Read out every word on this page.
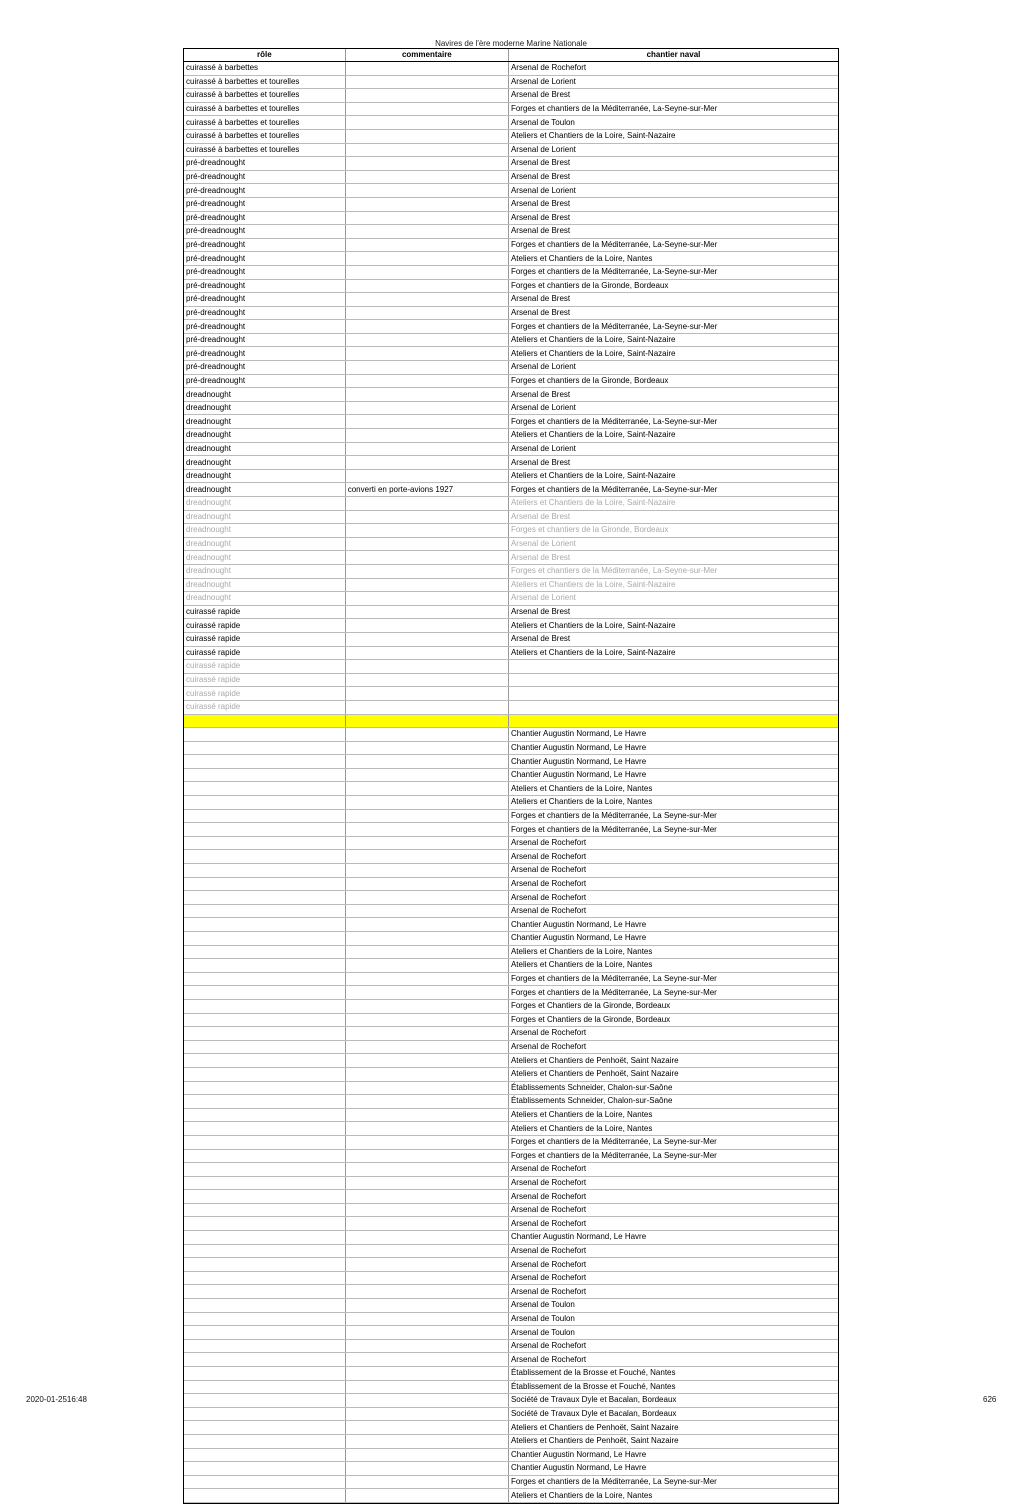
Navires de l'ère moderne Marine Nationale
rôle	commentaire	chantier naval
cuirassé à barbettes		Arsenal de Rochefort
cuirassé à barbettes et tourelles		Arsenal de Lorient
cuirassé à barbettes et tourelles		Arsenal de Brest
cuirassé à barbettes et tourelles		Forges et chantiers de la Méditerranée, La-Seyne-sur-Mer
cuirassé à barbettes et tourelles		Arsenal de Toulon
cuirassé à barbettes et tourelles		Ateliers et Chantiers de la Loire, Saint-Nazaire
cuirassé à barbettes et tourelles		Arsenal de Lorient
pré-dreadnought		Arsenal de Brest
pré-dreadnought		Arsenal de Brest
pré-dreadnought		Arsenal de Lorient
pré-dreadnought		Arsenal de Brest
pré-dreadnought		Arsenal de Brest
pré-dreadnought		Arsenal de Brest
pré-dreadnought		Forges et chantiers de la Méditerranée, La-Seyne-sur-Mer
pré-dreadnought		Ateliers et Chantiers de la Loire, Nantes
pré-dreadnought		Forges et chantiers de la Méditerranée, La-Seyne-sur-Mer
pré-dreadnought		Forges et chantiers de la Gironde, Bordeaux
pré-dreadnought		Arsenal de Brest
pré-dreadnought		Arsenal de Brest
pré-dreadnought		Forges et chantiers de la Méditerranée, La-Seyne-sur-Mer
pré-dreadnought		Ateliers et Chantiers de la Loire, Saint-Nazaire
pré-dreadnought		Ateliers et Chantiers de la Loire, Saint-Nazaire
pré-dreadnought		Arsenal de Lorient
pré-dreadnought		Forges et chantiers de la Gironde, Bordeaux
dreadnought		Arsenal de Brest
dreadnought		Arsenal de Lorient
dreadnought		Forges et chantiers de la Méditerranée, La-Seyne-sur-Mer
dreadnought		Ateliers et Chantiers de la Loire, Saint-Nazaire
dreadnought		Arsenal de Lorient
dreadnought		Arsenal de Brest
dreadnought		Ateliers et Chantiers de la Loire, Saint-Nazaire
dreadnought	converti en porte-avions 1927	Forges et chantiers de la Méditerranée, La-Seyne-sur-Mer
dreadnought		Ateliers et Chantiers de la Loire, Saint-Nazaire
dreadnought		Arsenal de Brest
dreadnought		Forges et chantiers de la Gironde, Bordeaux
dreadnought		Arsenal de Lorient
dreadnought		Arsenal de Brest
dreadnought		Forges et chantiers de la Méditerranée, La-Seyne-sur-Mer
dreadnought		Ateliers et Chantiers de la Loire, Saint-Nazaire
dreadnought		Arsenal de Lorient
cuirassé rapide		Arsenal de Brest
cuirassé rapide		Ateliers et Chantiers de la Loire, Saint-Nazaire
cuirassé rapide		Arsenal de Brest
cuirassé rapide		Ateliers et Chantiers de la Loire, Saint-Nazaire
cuirassé rapide		
cuirassé rapide		
cuirassé rapide		
cuirassé rapide		

		Chantier Augustin Normand, Le Havre
		Chantier Augustin Normand, Le Havre
		Chantier Augustin Normand, Le Havre
		Chantier Augustin Normand, Le Havre
		Ateliers et Chantiers de la Loire, Nantes
		Ateliers et Chantiers de la Loire, Nantes
		Forges et chantiers de la Méditerranée, La Seyne-sur-Mer
		Forges et chantiers de la Méditerranée, La Seyne-sur-Mer
		Arsenal de Rochefort
		Arsenal de Rochefort
		Arsenal de Rochefort
		Arsenal de Rochefort
		Arsenal de Rochefort
		Arsenal de Rochefort
		Chantier Augustin Normand, Le Havre
		Chantier Augustin Normand, Le Havre
		Ateliers et Chantiers de la Loire, Nantes
		Ateliers et Chantiers de la Loire, Nantes
		Forges et chantiers de la Méditerranée, La Seyne-sur-Mer
		Forges et chantiers de la Méditerranée, La Seyne-sur-Mer
		Forges et Chantiers de la Gironde, Bordeaux
		Forges et Chantiers de la Gironde, Bordeaux
		Arsenal de Rochefort
		Arsenal de Rochefort
		Ateliers et Chantiers de Penhoët, Saint Nazaire
		Ateliers et Chantiers de Penhoët, Saint Nazaire
		Établissements Schneider, Chalon-sur-Saône
		Établissements Schneider, Chalon-sur-Saône
		Ateliers et Chantiers de la Loire, Nantes
		Ateliers et Chantiers de la Loire, Nantes
		Forges et chantiers de la Méditerranée, La Seyne-sur-Mer
		Forges et chantiers de la Méditerranée, La Seyne-sur-Mer
		Arsenal de Rochefort
		Arsenal de Rochefort
		Arsenal de Rochefort
		Arsenal de Rochefort
		Arsenal de Rochefort
		Chantier Augustin Normand, Le Havre
		Arsenal de Rochefort
		Arsenal de Rochefort
		Arsenal de Rochefort
		Arsenal de Rochefort
		Arsenal de Toulon
		Arsenal de Toulon
		Arsenal de Toulon
		Arsenal de Rochefort
		Arsenal de Rochefort
		Établissement de la Brosse et Fouché, Nantes
		Établissement de la Brosse et Fouché, Nantes
		Société de Travaux Dyle et Bacalan, Bordeaux
		Société de Travaux Dyle et Bacalan, Bordeaux
		Ateliers et Chantiers de Penhoët, Saint Nazaire
		Ateliers et Chantiers de Penhoët, Saint Nazaire
		Chantier Augustin Normand, Le Havre
		Chantier Augustin Normand, Le Havre
		Forges et chantiers de la Méditerranée, La Seyne-sur-Mer
		Ateliers et Chantiers de la Loire, Nantes
2020-01-2516:48	626
